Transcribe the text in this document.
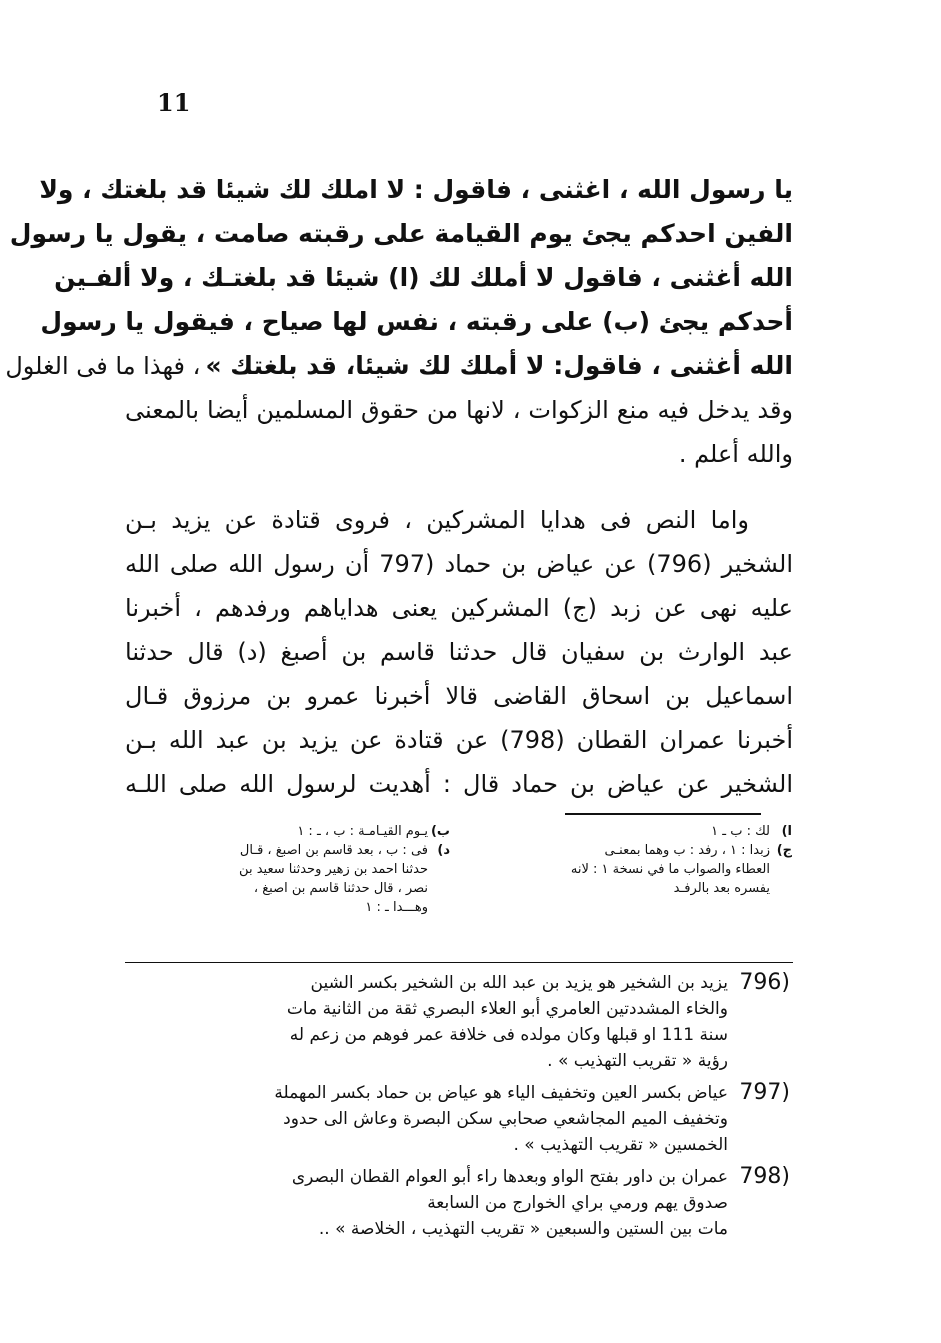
11
يا رسول الله ، اغثنى ، فاقول : لا املك لك شيئا قد بلغتك ، ولا
الفين احدكم يجئ يوم القيامة على رقبته صامت ، يقول يا رسول
الله أغثنى ، فاقول لا أملك لك (ا) شيئا قد بلغتـك ، ولا ألفـين
أحدكم يجئ (ب) على رقبته ، نفس لها صياح ، فيقول يا رسول
الله أغثنى ، فاقول: لا أملك لك شيئا، قد بلغتك » ، فهذا ما فى الغلول
وقد يدخل فيه منع الزكوات ، لانها من حقوق المسلمين أيضا بالمعنى
والله أعلم .
واما النص فى هدايا المشركين ، فروى قتادة عن يزيد بـن
الشخير (796) عن عياض بن حماد (797 أن رسول الله صلى الله
عليه نهى عن زبد (ج) المشركين يعنى هداياهم ورفدهم ، أخبرنا
عبد الوارث بن سفيان قال حدثنا قاسم بن أصبغ (د) قال حدثنا
اسماعيل بن اسحاق القاضى قالا أخبرنا عمرو بن مرزوق قـال
أخبرنا عمران القطان (798) عن قتادة عن يزيد بن عبد الله بـن
الشخير عن عياض بن حماد قال : أهديت لرسول الله صلى اللـه
ا)
لك : ب ـ ١
ج)
زبدا : ١ ، رفد : ب وهما بمعنـى
العطاء والصواب ما في نسخة ١ : لانه
يفسره بعد بالرفـد
ب)
يـوم القيـامـة : ب ، ـ : ١
د)
فى : ب ، بعد قاسم بن اصبغ ، قـال
حدثنا احمد بن زهير وحدثنا سعيد بن
نصر ، قال حدثنا قاسم بن اصبغ ،
وهـــدا ـ : ١
يزيد بن الشخير هو يزيد بن عبد الله بن الشخير بكسر الشين
والخاء المشددتين العامري أبو العلاء البصري ثقة من الثانية مات
سنة 111 او قبلها وكان مولده فى خلافة عمر فوهم من زعم له
رؤية « تقريب التهذيب » .
796)
عياض بكسر العين وتخفيف الياء هو عياض بن حماد بكسر المهملة
وتخفيف الميم المجاشعي صحابي سكن البصرة وعاش الى حدود
الخمسين « تقريب التهذيب » .
797)
عمران بن داور بفتح الواو وبعدها راء أبو العوام القطان البصرى
صدوق يهم ورمي براي الخوارج من السابعة
مات بين الستين والسبعين « تقريب التهذيب ، الخلاصة » ..
798)
